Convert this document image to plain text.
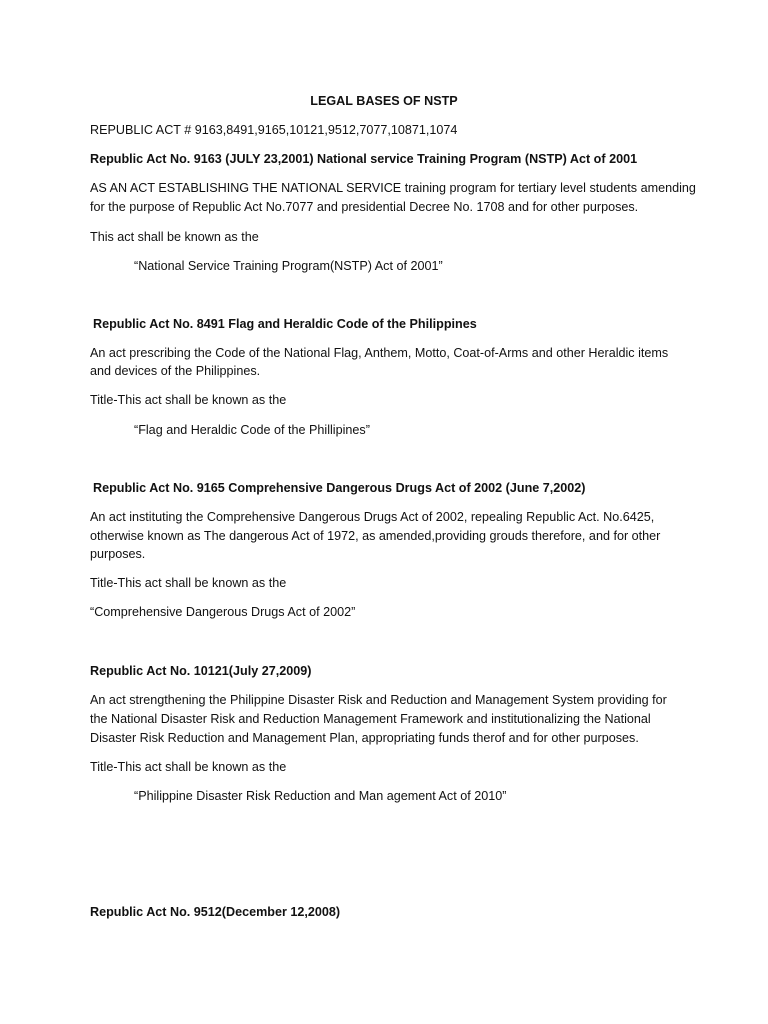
LEGAL BASES OF NSTP
REPUBLIC ACT # 9163,8491,9165,10121,9512,7077,10871,1074
Republic Act No. 9163 (JULY 23,2001) National service Training Program (NSTP) Act of 2001
AS AN ACT ESTABLISHING THE NATIONAL SERVICE training program for tertiary level students amending
for the purpose of Republic Act No.7077 and presidential Decree No. 1708 and for other purposes.
This act shall be known as the
“National Service Training Program(NSTP) Act of 2001”
Republic Act No. 8491 Flag and Heraldic Code of the Philippines
An act prescribing the Code of the National Flag, Anthem, Motto, Coat-of-Arms and other Heraldic items
and devices of the Philippines.
Title-This act shall be known as the
“Flag and Heraldic Code of the Phillipines”
Republic Act No. 9165 Comprehensive Dangerous Drugs Act of 2002 (June 7,2002)
An act instituting the Comprehensive Dangerous Drugs Act of 2002, repealing Republic Act. No.6425,
otherwise known as The dangerous Act of 1972, as amended,providing grouds therefore, and for other
purposes.
Title-This act shall be known as the
“Comprehensive Dangerous Drugs Act of 2002”
Republic Act No. 10121(July 27,2009)
An act strengthening the Philippine Disaster Risk and Reduction and Management System providing for
the National Disaster Risk and Reduction Management Framework and institutionalizing the National
Disaster Risk Reduction and Management Plan, appropriating funds therof and for other purposes.
Title-This act shall be known as the
“Philippine Disaster Risk Reduction and Man agement Act of 2010”
Republic Act No. 9512(December 12,2008)
